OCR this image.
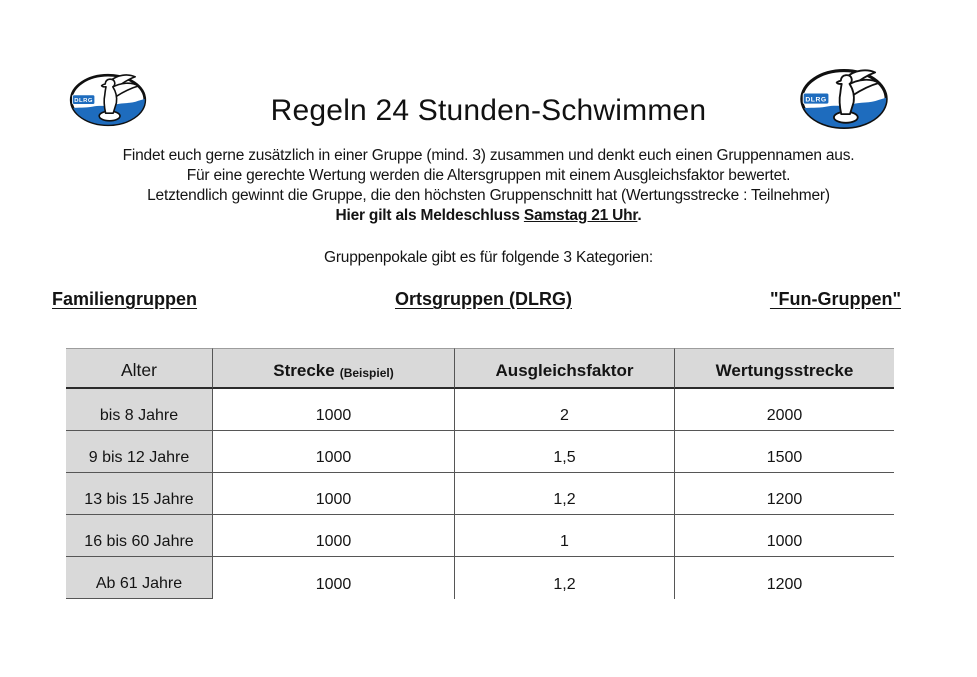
Regeln 24 Stunden-Schwimmen
Findet euch gerne zusätzlich in einer Gruppe (mind. 3) zusammen und denkt euch einen Gruppennamen aus.
Für eine gerechte Wertung werden die Altersgruppen mit einem Ausgleichsfaktor bewertet.
Letztendlich gewinnt die Gruppe, die den höchsten Gruppenschnitt hat (Wertungsstrecke : Teilnehmer)
Hier gilt als Meldeschluss Samstag 21 Uhr.
Gruppenpokale gibt es für folgende 3 Kategorien:
Familiengruppen	Ortsgruppen (DLRG)	"Fun-Gruppen"
Alter	Strecke (Beispiel)	Ausgleichsfaktor	Wertungsstrecke
bis 8 Jahre	1000	2	2000
9 bis 12 Jahre	1000	1,5	1500
13 bis 15 Jahre	1000	1,2	1200
16 bis 60 Jahre	1000	1	1000
Ab 61 Jahre	1000	1,2	1200
